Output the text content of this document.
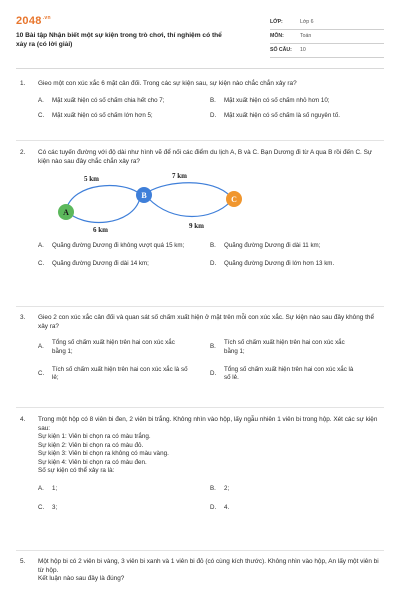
$2048^{.vn}$
10 Bài tập Nhận biết một sự kiện trong trò chơi, thí nghiệm có thể xảy ra (có lời giải)
LỚP:	Lớp 6
MÔN:	Toán
SỐ CÂU:	10
1. Gieo một con xúc xắc 6 mặt cân đối. Trong các sự kiện sau, sự kiện nào chắc chắn xảy ra?
A.	Mặt xuất hiện có số chấm chia hết cho 7;	B.	Mặt xuất hiện có số chấm nhỏ hơn 10;
C.	Mặt xuất hiện có số chấm lớn hơn 5;	D.	Mặt xuất hiện có số chấm là số nguyên tố.
2. Có các tuyến đường với độ dài như hình vẽ để nối các điểm du lịch A, B và C. Bạn Dương đi từ A qua B rồi đến C. Sự kiện nào sau đây chắc chắn xảy ra?
5 km
6 km
7 km
9 km
A
B	C
A.	Quãng đường Dương đi không vượt quá 15 km;	B.	Quãng đường Dương đi dài 11 km;
C.	Quãng đường Dương đi dài 14 km;	D.	Quãng đường Dương đi lớn hơn 13 km.
3. Gieo 2 con xúc xắc cân đối và quan sát số chấm xuất hiện ở mặt trên mỗi con xúc xắc. Sự kiện nào sau đây không thể xảy ra?
A.
Tổng số chấm xuất hiện trên hai con xúc xắc bằng 1;
B.
Tích số chấm xuất hiện trên hai con xúc xắc bằng 1;
C.
Tích số chấm xuất hiện trên hai con xúc xắc là số lẻ;
D.
Tổng số chấm xuất hiện trên hai con xúc xắc là số lẻ.
4. Trong một hộp có 8 viên bi đen, 2 viên bi trắng. Không nhìn vào hộp, lấy ngẫu nhiên 1 viên bi trong hộp. Xét các sự kiện sau:

Sự kiện 1: Viên bi chọn ra có màu trắng.

Sự kiện 2: Viên bi chọn ra có màu đỏ.

Sự kiện 3: Viên bi chọn ra không có màu vàng.

Sự kiện 4: Viên bi chọn ra có màu đen.

Số sự kiện có thể xảy ra là:

A.	1;	B.	2;
C.	3;	D.	4.
5. Một hộp bi có 2 viên bi vàng, 3 viên bi xanh và 1 viên bi đỏ (có cùng kích thước). Không nhìn vào hộp, An lấy một viên bi từ hộp.
Kết luận nào sau đây là đúng?
